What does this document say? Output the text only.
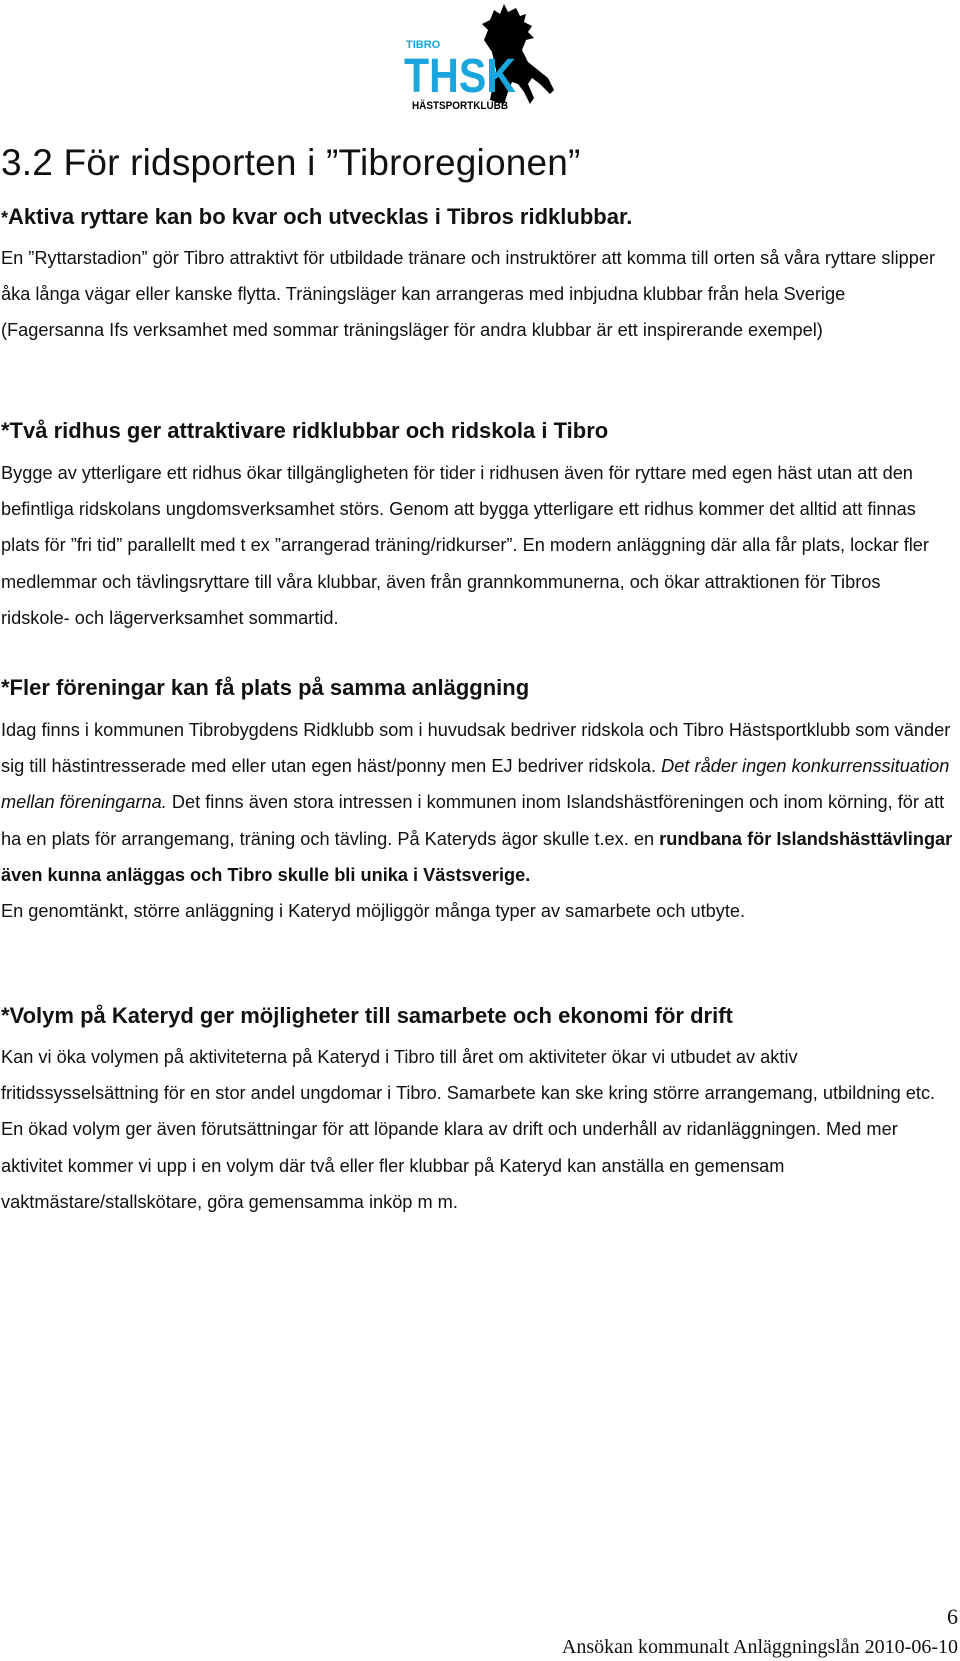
TIBRO
THSK
HÄSTSPORTKLUBB
3.2 För ridsporten i ”Tibroregionen”
*Aktiva ryttare kan bo kvar och utvecklas i Tibros ridklubbar.

En ”Ryttarstadion” gör Tibro attraktivt för utbildade tränare och instruktörer att komma till orten så våra ryttare slipper åka långa vägar eller kanske flytta. Träningsläger kan arrangeras med inbjudna klubbar från hela Sverige (Fagersanna Ifs verksamhet med sommar träningsläger för andra klubbar är ett inspirerande exempel)

*Två ridhus ger attraktivare ridklubbar och ridskola i Tibro

Bygge av ytterligare ett ridhus ökar tillgängligheten för tider i ridhusen även för ryttare med egen häst utan att den befintliga ridskolans ungdomsverksamhet störs. Genom att bygga ytterligare ett ridhus kommer det alltid att finnas plats för ”fri tid” parallellt med t ex ”arrangerad träning/ridkurser”. En modern anläggning där alla får plats, lockar fler medlemmar och tävlingsryttare till våra klubbar, även från grannkommunerna, och ökar attraktionen för Tibros ridskole- och lägerverksamhet sommartid.

*Fler föreningar kan få plats på samma anläggning

Idag finns i kommunen Tibrobygdens Ridklubb som i huvudsak bedriver ridskola och Tibro Hästsportklubb som vänder sig till hästintresserade med eller utan egen häst/ponny men EJ bedriver ridskola. Det råder ingen konkurrenssituation mellan föreningarna. Det finns även stora intressen i kommunen inom Islandshästföreningen och inom körning, för att ha en plats för arrangemang, träning och tävling. På Kateryds ägor skulle t.ex. en rundbana för Islandshästtävlingar även kunna anläggas och Tibro skulle bli unika i Västsverige.
En genomtänkt, större anläggning i Kateryd möjliggör många typer av samarbete och utbyte.

*Volym på Kateryd ger möjligheter till samarbete och ekonomi för drift

Kan vi öka volymen på aktiviteterna på Kateryd i Tibro till året om aktiviteter ökar vi utbudet av aktiv fritidssysselsättning för en stor andel ungdomar i Tibro. Samarbete kan ske kring större arrangemang, utbildning etc. En ökad volym ger även förutsättningar för att löpande klara av drift och underhåll av ridanläggningen. Med mer aktivitet kommer vi upp i en volym där två eller fler klubbar på Kateryd kan anställa en gemensam vaktmästare/stallskötare, göra gemensamma inköp m m.

6
Ansökan kommunalt Anläggningslån 2010-06-10
